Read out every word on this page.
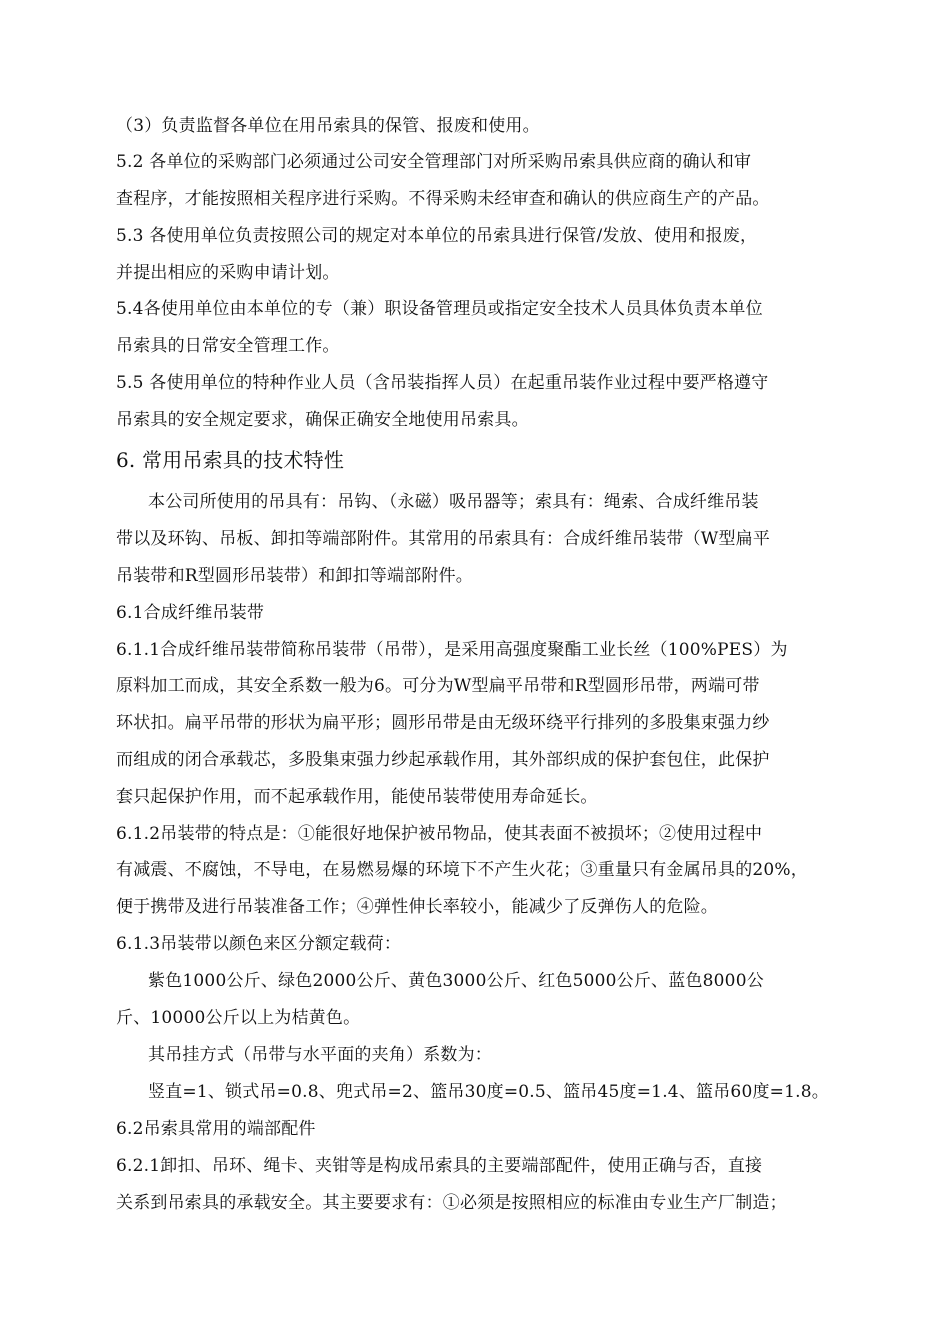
（3）负责监督各单位在用吊索具的保管、报废和使用。
5.2 各单位的采购部门必须通过公司安全管理部门对所采购吊索具供应商的确认和审
查程序，才能按照相关程序进行采购。不得采购未经审查和确认的供应商生产的产品。
5.3 各使用单位负责按照公司的规定对本单位的吊索具进行保管/发放、使用和报废，
并提出相应的采购申请计划。
5.4各使用单位由本单位的专（兼）职设备管理员或指定安全技术人员具体负责本单位
吊索具的日常安全管理工作。
5.5 各使用单位的特种作业人员（含吊装指挥人员）在起重吊装作业过程中要严格遵守
吊索具的安全规定要求，确保正确安全地使用吊索具。
6. 常用吊索具的技术特性
本公司所使用的吊具有：吊钩、（永磁）吸吊器等；索具有：绳索、合成纤维吊装
带以及环钩、吊板、卸扣等端部附件。其常用的吊索具有：合成纤维吊装带（W型扁平
吊装带和R型圆形吊装带）和卸扣等端部附件。
6.1合成纤维吊装带
6.1.1合成纤维吊装带简称吊装带（吊带），是采用高强度聚酯工业长丝（100%PES）为
原料加工而成，其安全系数一般为6。可分为W型扁平吊带和R型圆形吊带，两端可带
环状扣。扁平吊带的形状为扁平形；圆形吊带是由无级环绕平行排列的多股集束强力纱
而组成的闭合承载芯，多股集束强力纱起承载作用，其外部织成的保护套包住，此保护
套只起保护作用，而不起承载作用，能使吊装带使用寿命延长。
6.1.2吊装带的特点是：①能很好地保护被吊物品，使其表面不被损坏；②使用过程中
有减震、不腐蚀，不导电，在易燃易爆的环境下不产生火花；③重量只有金属吊具的20%，
便于携带及进行吊装准备工作；④弹性伸长率较小，能减少了反弹伤人的危险。
6.1.3吊装带以颜色来区分额定载荷：
紫色1000公斤、绿色2000公斤、黄色3000公斤、红色5000公斤、蓝色8000公
斤、10000公斤以上为桔黄色。
其吊挂方式（吊带与水平面的夹角）系数为：
竖直=1、锁式吊=0.8、兜式吊=2、篮吊30度=0.5、篮吊45度=1.4、篮吊60度=1.8。
6.2吊索具常用的端部配件
6.2.1卸扣、吊环、绳卡、夹钳等是构成吊索具的主要端部配件，使用正确与否，直接
关系到吊索具的承载安全。其主要要求有：①必须是按照相应的标准由专业生产厂制造；
